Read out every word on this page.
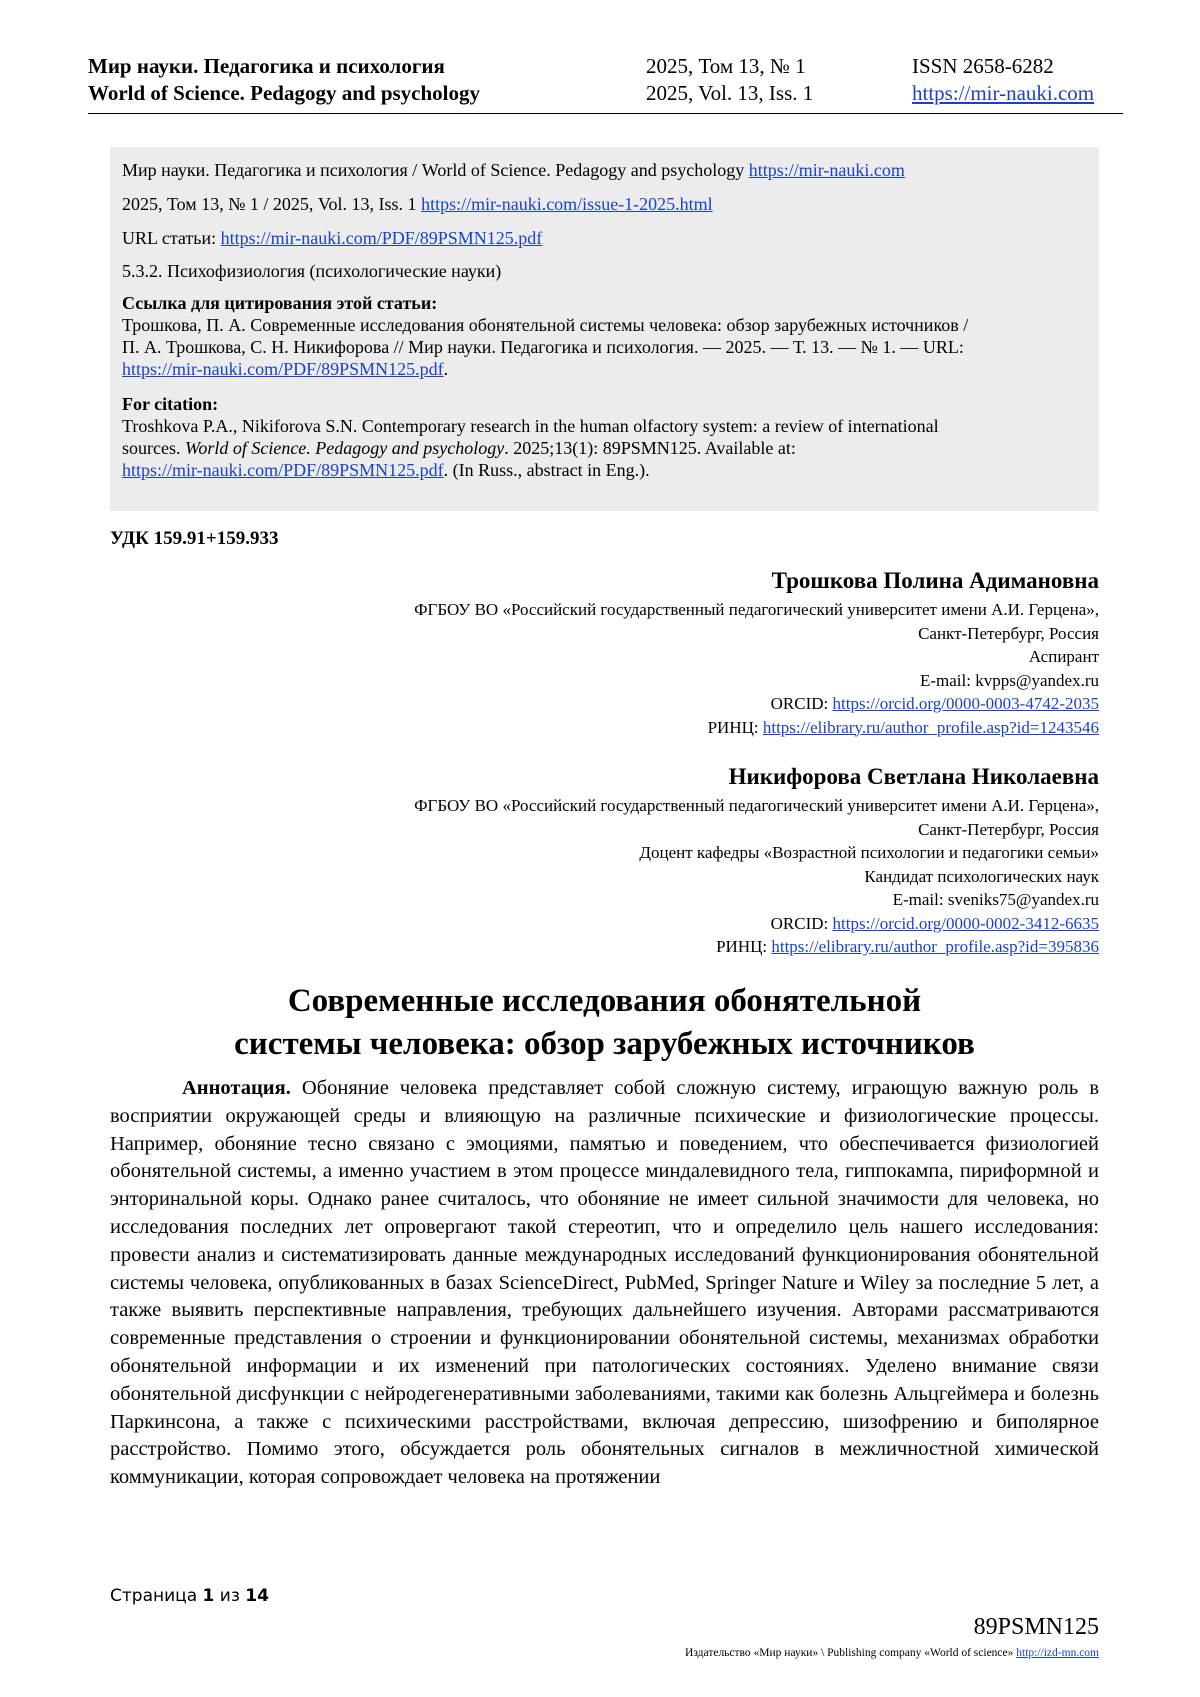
Мир науки. Педагогика и психология
World of Science. Pedagogy and psychology
2025, Том 13, № 1
2025, Vol. 13, Iss. 1
ISSN 2658-6282
https://mir-nauki.com
Мир науки. Педагогика и психология / World of Science. Pedagogy and psychology https://mir-nauki.com
2025, Том 13, № 1 / 2025, Vol. 13, Iss. 1 https://mir-nauki.com/issue-1-2025.html
URL статьи: https://mir-nauki.com/PDF/89PSMN125.pdf
5.3.2. Психофизиология (психологические науки)
Ссылка для цитирования этой статьи:
Трошкова, П. А. Современные исследования обонятельной системы человека: обзор зарубежных источников /
П. А. Трошкова, С. Н. Никифорова // Мир науки. Педагогика и психология. — 2025. — Т. 13. — № 1. — URL:
https://mir-nauki.com/PDF/89PSMN125.pdf.
For citation:
Troshkova P.A., Nikiforova S.N. Contemporary research in the human olfactory system: a review of international
sources. World of Science. Pedagogy and psychology. 2025;13(1): 89PSMN125. Available at:
https://mir-nauki.com/PDF/89PSMN125.pdf. (In Russ., abstract in Eng.).
УДК 159.91+159.933
Трошкова Полина Адимановна
ФГБОУ ВО «Российский государственный педагогический университет имени А.И. Герцена»,
Санкт-Петербург, Россия
Аспирант
E-mail: kvpps@yandex.ru
ORCID: https://orcid.org/0000-0003-4742-2035
РИНЦ: https://elibrary.ru/author_profile.asp?id=1243546
Никифорова Светлана Николаевна
ФГБОУ ВО «Российский государственный педагогический университет имени А.И. Герцена»,
Санкт-Петербург, Россия
Доцент кафедры «Возрастной психологии и педагогики семьи»
Кандидат психологических наук
E-mail: sveniks75@yandex.ru
ORCID: https://orcid.org/0000-0002-3412-6635
РИНЦ: https://elibrary.ru/author_profile.asp?id=395836
Современные исследования обонятельной
системы человека: обзор зарубежных источников
Аннотация. Обоняние человека представляет собой сложную систему, играющую важную роль в восприятии окружающей среды и влияющую на различные психические и физиологические процессы. Например, обоняние тесно связано с эмоциями, памятью и поведением, что обеспечивается физиологией обонятельной системы, а именно участием в этом процессе миндалевидного тела, гиппокампа, пириформной и энторинальной коры. Однако ранее считалось, что обоняние не имеет сильной значимости для человека, но исследования последних лет опровергают такой стереотип, что и определило цель нашего исследования: провести анализ и систематизировать данные международных исследований функционирования обонятельной системы человека, опубликованных в базах ScienceDirect, PubMed, Springer Nature и Wiley за последние 5 лет, а также выявить перспективные направления, требующих дальнейшего изучения. Авторами рассматриваются современные представления о строении и функционировании обонятельной системы, механизмах обработки обонятельной информации и их изменений при патологических состояниях. Уделено внимание связи обонятельной дисфункции с нейродегенеративными заболеваниями, такими как болезнь Альцгеймера и болезнь Паркинсона, а также с психическими расстройствами, включая депрессию, шизофрению и биполярное расстройство. Помимо этого, обсуждается роль обонятельных сигналов в межличностной химической коммуникации, которая сопровождает человека на протяжении
Страница 1 из 14
89PSMN125
Издательство «Мир науки» \ Publishing company «World of science» http://izd-mn.com
